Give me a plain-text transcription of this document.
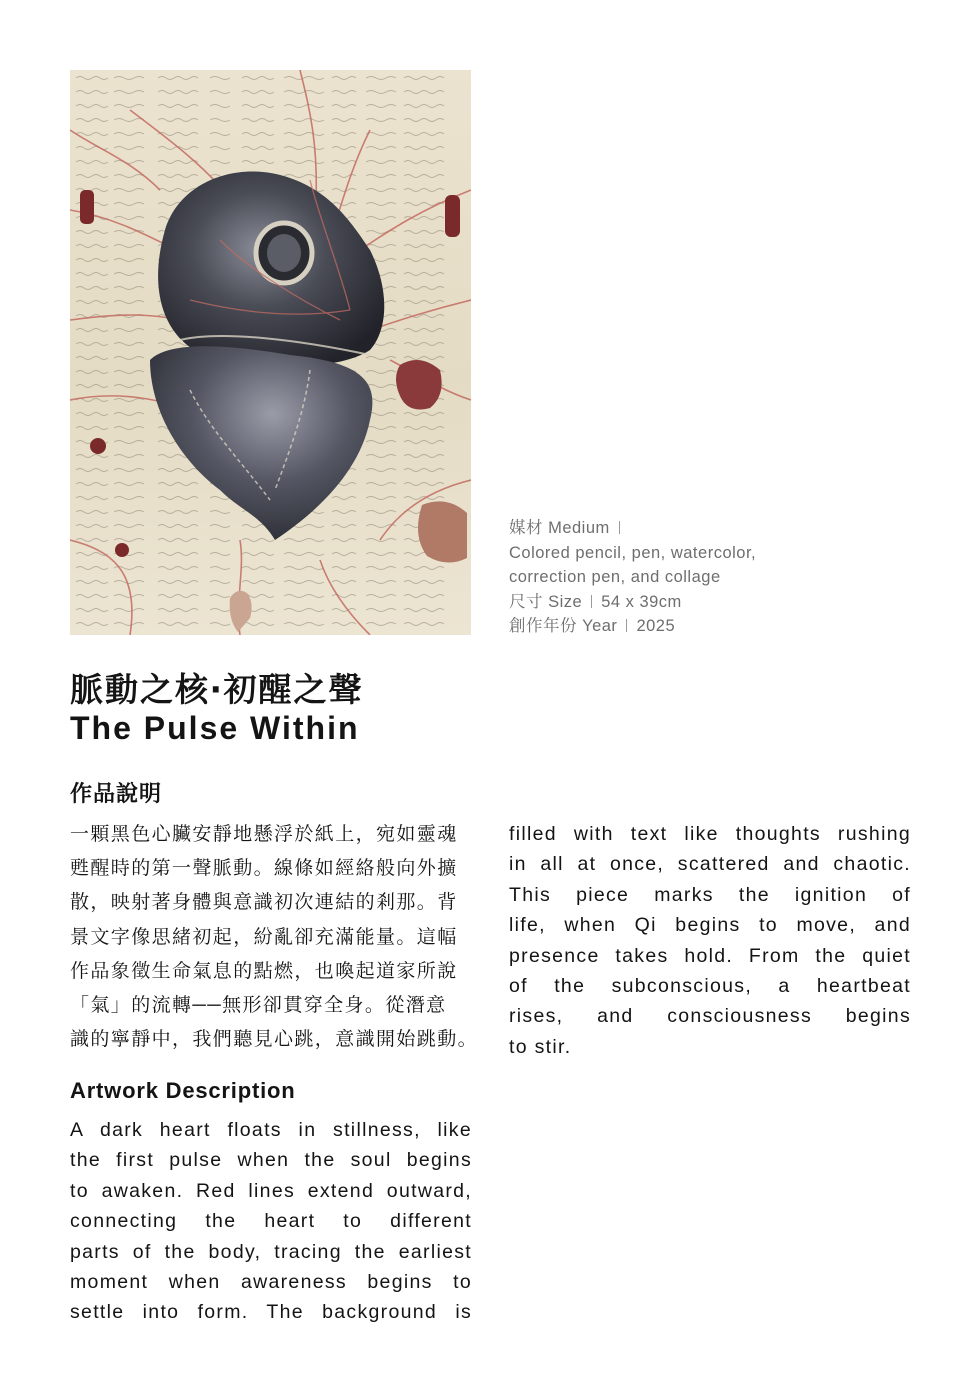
媒材 Medium
Colored pencil, pen, watercolor,
correction pen, and collage
尺寸 Size 54 x 39cm
創作年份 Year 2025
脈動之核‧初醒之聲
The Pulse Within
作品說明
一顆黑色心臟安靜地懸浮於紙上，宛如靈魂
甦醒時的第一聲脈動。線條如經絡般向外擴
散，映射著身體與意識初次連結的剎那。背
景文字像思緒初起，紛亂卻充滿能量。這幅
作品象徵生命氣息的點燃，也喚起道家所說
「氣」的流轉──無形卻貫穿全身。從潛意
識的寧靜中，我們聽見心跳，意識開始跳動。
Artwork Description
A dark heart floats in stillness, like
the first pulse when the soul begins
to awaken. Red lines extend outward,
connecting the heart to different
parts of the body, tracing the earliest
moment when awareness begins to
settle into form. The background is
filled with text like thoughts rushing
in all at once, scattered and chaotic.
This piece marks the ignition of
life, when Qi begins to move, and
presence takes hold. From the quiet
of the subconscious, a heartbeat
rises, and consciousness begins
to stir.
